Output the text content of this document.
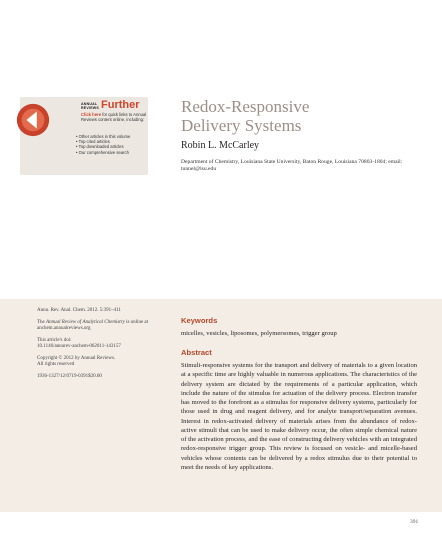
ANNUAL
REVIEWS Further
Click here for quick links to Annual Reviews content online, including:
• Other articles in this volume
• Top cited articles
• Top downloaded articles
• Our comprehensive search
Redox-Responsive
Delivery Systems
Robin L. McCarley
Department of Chemistry, Louisiana State University, Baton Rouge, Louisiana 70803-1804; email: tunnel@lsu.edu

Annu. Rev. Anal. Chem. 2012. 5:391–411

The Annual Review of Analytical Chemistry is online at anchem.annualreviews.org

This article's doi:
10.1146/annurev-anchem-062011-143157

Copyright © 2012 by Annual Reviews.
All rights reserved

1936-1327/12/0719-0391$20.00

Keywords
micelles, vesicles, liposomes, polymersomes, trigger group
Abstract

Stimuli-responsive systems for the transport and delivery of materials to a given location at a specific time are highly valuable in numerous applications. The characteristics of the delivery system are dictated by the requirements of a particular application, which include the nature of the stimulus for actuation of the delivery process. Electron transfer has moved to the forefront as a stimulus for responsive delivery systems, particularly for those used in drug and reagent delivery, and for analyte transport/separation avenues. Interest in redox-activated delivery of materials arises from the abundance of redox-active stimuli that can be used to make delivery occur, the often simple chemical nature of the activation process, and the ease of constructing delivery vehicles with an integrated redox-responsive trigger group. This review is focused on vesicle- and micelle-based vehicles whose contents can be delivered by a redox stimulus due to their potential to meet the needs of key applications.

391
